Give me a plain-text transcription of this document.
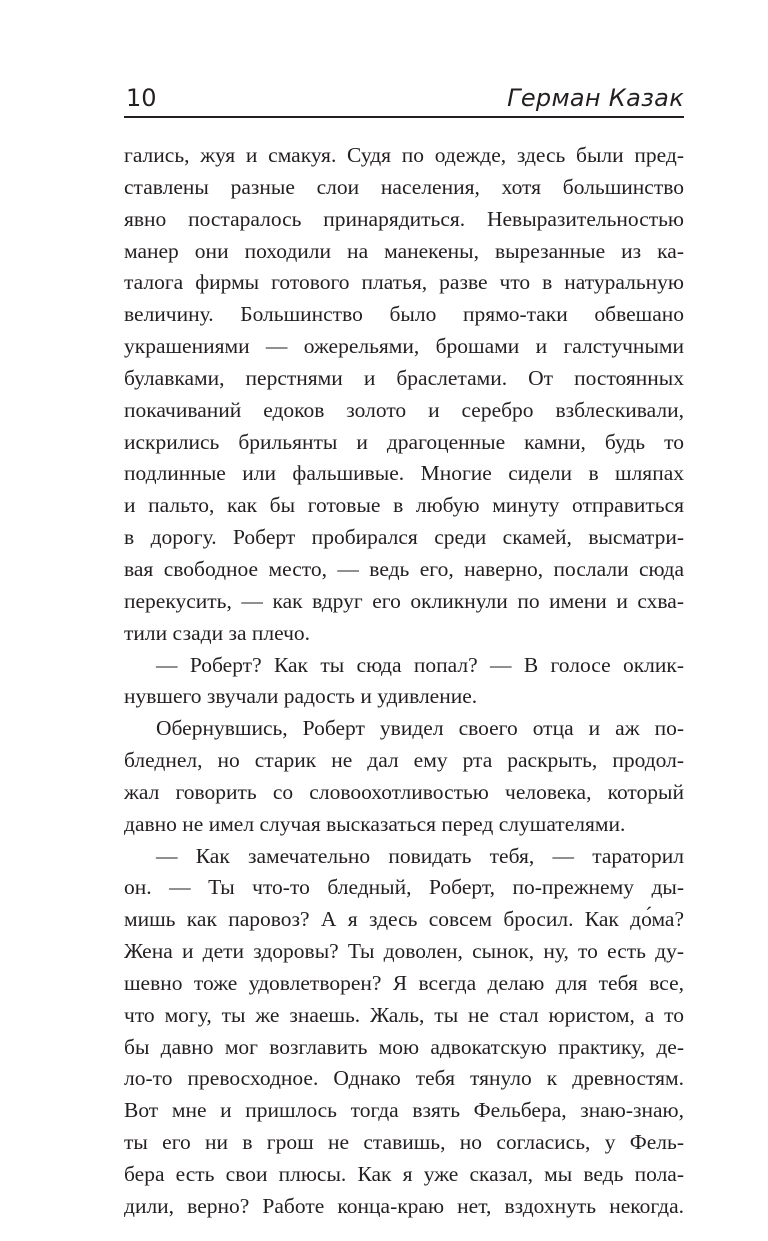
10	Герман Казак
гались, жуя и смакуя. Судя по одежде, здесь были пред-
ставлены разные слои населения, хотя большинство
явно постаралось принарядиться. Невыразительностью
манер они походили на манекены, вырезанные из ка-
талога фирмы готового платья, разве что в натуральную
величину. Большинство было прямо-таки обвешано
украшениями — ожерельями, брошами и галстучными
булавками, перстнями и браслетами. От постоянных
покачиваний едоков золото и серебро взблескивали,
искрились брильянты и драгоценные камни, будь то
подлинные или фальшивые. Многие сидели в шляпах
и пальто, как бы готовые в любую минуту отправиться
в дорогу. Роберт пробирался среди скамей, высматри-
вая свободное место, — ведь его, наверно, послали сюда
перекусить, — как вдруг его окликнули по имени и схва-
тили сзади за плечо.
— Роберт? Как ты сюда попал? — В голосе оклик-
нувшего звучали радость и удивление.
Обернувшись, Роберт увидел своего отца и аж по-
бледнел, но старик не дал ему рта раскрыть, продол-
жал говорить со словоохотливостью человека, который
давно не имел случая высказаться перед слушателями.
— Как замечательно повидать тебя, — тараторил
он. — Ты что-то бледный, Роберт, по-прежнему ды-
мишь как паровоз? А я здесь совсем бросил. Как до́ма?
Жена и дети здоровы? Ты доволен, сынок, ну, то есть ду-
шевно тоже удовлетворен? Я всегда делаю для тебя все,
что могу, ты же знаешь. Жаль, ты не стал юристом, а то
бы давно мог возглавить мою адвокатскую практику, де-
ло-то превосходное. Однако тебя тянуло к древностям.
Вот мне и пришлось тогда взять Фельбера, знаю-знаю,
ты его ни в грош не ставишь, но согласись, у Фель-
бера есть свои плюсы. Как я уже сказал, мы ведь пола-
дили, верно? Работе конца-краю нет, вздохнуть некогда.
